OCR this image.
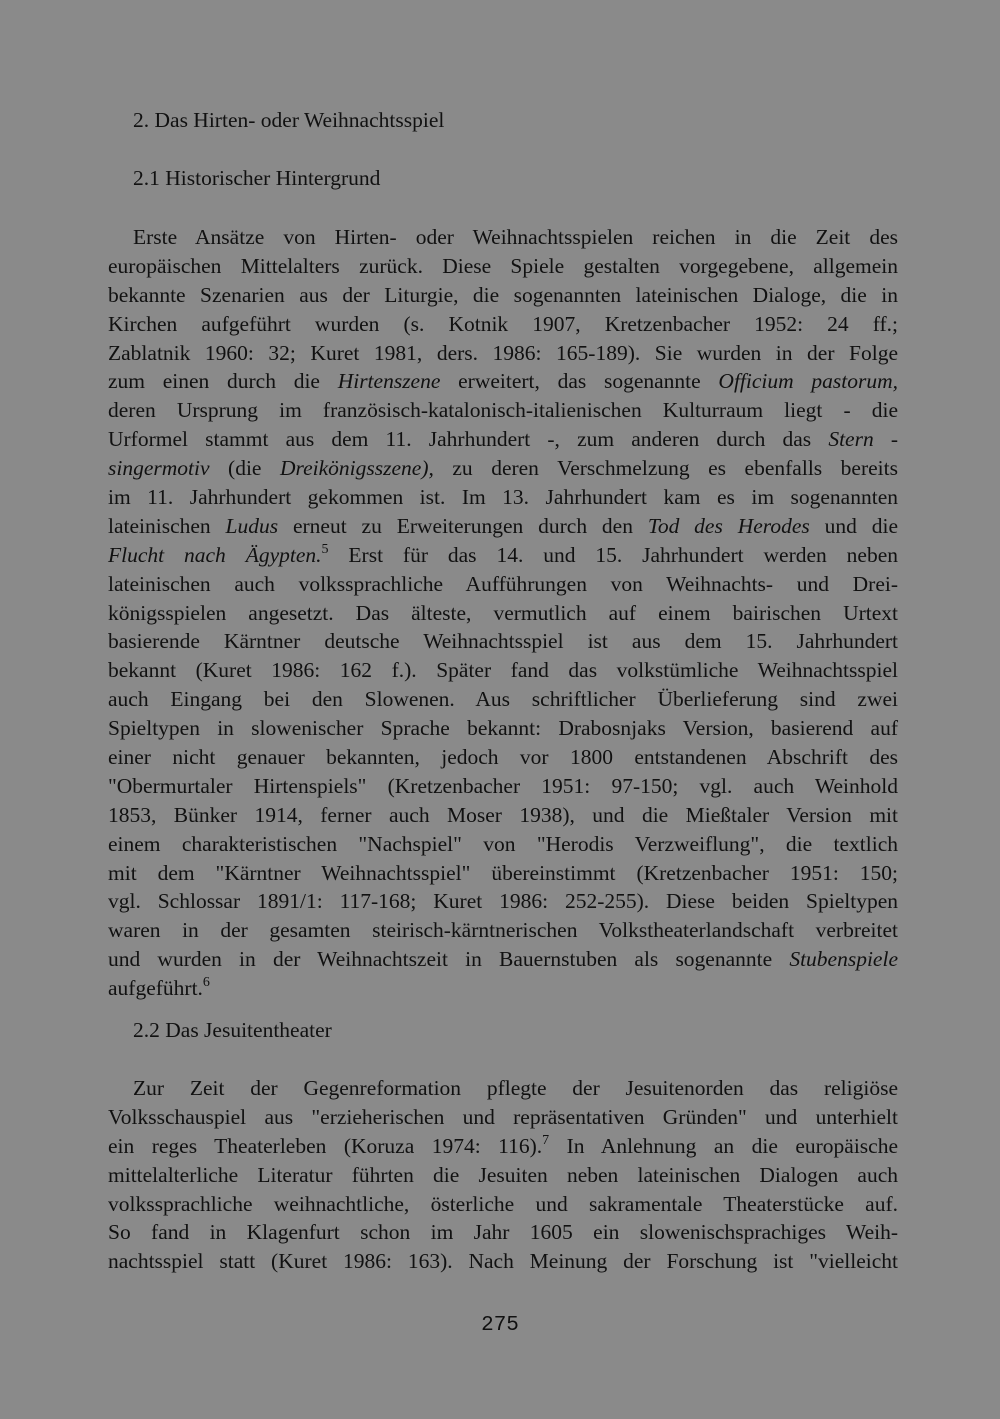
2. Das Hirten- oder Weihnachtsspiel
2.1 Historischer Hintergrund
Erste Ansätze von Hirten- oder Weihnachtsspielen reichen in die Zeit des
europäischen Mittelalters zurück. Diese Spiele gestalten vorgegebene, allgemein
bekannte Szenarien aus der Liturgie, die sogenannten lateinischen Dialoge, die in
Kirchen aufgeführt wurden (s. Kotnik 1907, Kretzenbacher 1952: 24 ff.;
Zablatnik 1960: 32; Kuret 1981, ders. 1986: 165-189). Sie wurden in der Folge
zum einen durch die Hirtenszene erweitert, das sogenannte Officium pastorum,
deren Ursprung im französisch-katalonisch-italienischen Kulturraum liegt - die
Urformel stammt aus dem 11. Jahrhundert -, zum anderen durch das Stern -
singermotiv (die Dreikönigsszene), zu deren Verschmelzung es ebenfalls bereits
im 11. Jahrhundert gekommen ist. Im 13. Jahrhundert kam es im sogenannten
lateinischen Ludus erneut zu Erweiterungen durch den Tod des Herodes und die
Flucht nach Ägypten.$^5$ Erst für das 14. und 15. Jahrhundert werden neben
lateinischen auch volkssprachliche Aufführungen von Weihnachts- und Drei-
königsspielen angesetzt. Das älteste, vermutlich auf einem bairischen Urtext
basierende Kärntner deutsche Weihnachtsspiel ist aus dem 15. Jahrhundert
bekannt (Kuret 1986: 162 f.). Später fand das volkstümliche Weihnachtsspiel
auch Eingang bei den Slowenen. Aus schriftlicher Überlieferung sind zwei
Spieltypen in slowenischer Sprache bekannt: Drabosnjaks Version, basierend auf
einer nicht genauer bekannten, jedoch vor 1800 entstandenen Abschrift des
"Obermurtaler Hirtenspiels" (Kretzenbacher 1951: 97-150; vgl. auch Weinhold
1853, Bünker 1914, ferner auch Moser 1938), und die Mießtaler Version mit
einem charakteristischen "Nachspiel" von "Herodis Verzweiflung", die textlich
mit dem "Kärntner Weihnachtsspiel" übereinstimmt (Kretzenbacher 1951: 150;
vgl. Schlossar 1891/1: 117-168; Kuret 1986: 252-255). Diese beiden Spieltypen
waren in der gesamten steirisch-kärntnerischen Volkstheaterlandschaft verbreitet
und wurden in der Weihnachtszeit in Bauernstuben als sogenannte Stubenspiele
aufgeführt.$^6$
2.2 Das Jesuitentheater
Zur Zeit der Gegenreformation pflegte der Jesuitenorden das religiöse
Volksschauspiel aus "erzieherischen und repräsentativen Gründen" und unterhielt
ein reges Theaterleben (Koruza 1974: 116).$^7$ In Anlehnung an die europäische
mittelalterliche Literatur führten die Jesuiten neben lateinischen Dialogen auch
volkssprachliche weihnachtliche, österliche und sakramentale Theaterstücke auf.
So fand in Klagenfurt schon im Jahr 1605 ein slowenischsprachiges Weih-
nachtsspiel statt (Kuret 1986: 163). Nach Meinung der Forschung ist "vielleicht
275
